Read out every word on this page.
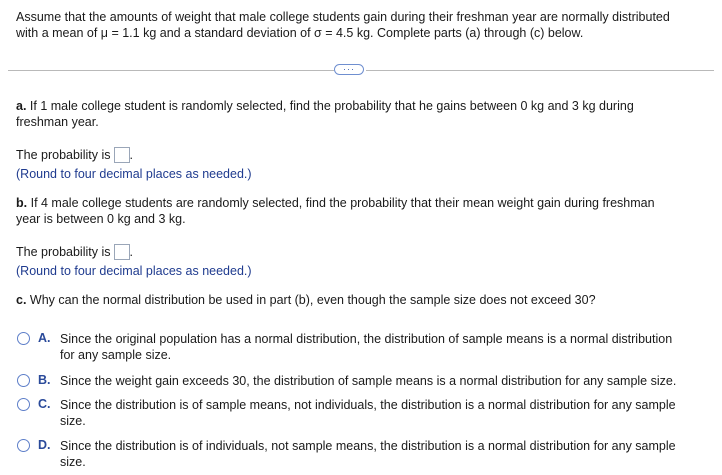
Assume that the amounts of weight that male college students gain during their freshman year are normally distributed
with a mean of μ = 1.1 kg and a standard deviation of σ = 4.5 kg. Complete parts (a) through (c) below.
···
a. If 1 male college student is randomly selected, find the probability that he gains between 0 kg and 3 kg during
freshman year.
The probability is .
(Round to four decimal places as needed.)
b. If 4 male college students are randomly selected, find the probability that their mean weight gain during freshman
year is between 0 kg and 3 kg.
The probability is .
(Round to four decimal places as needed.)
c. Why can the normal distribution be used in part (b), even though the sample size does not exceed 30?
A. Since the original population has a normal distribution, the distribution of sample means is a normal distribution
for any sample size.
B. Since the weight gain exceeds 30, the distribution of sample means is a normal distribution for any sample size.
C. Since the distribution is of sample means, not individuals, the distribution is a normal distribution for any sample
size.
D. Since the distribution is of individuals, not sample means, the distribution is a normal distribution for any sample
size.
